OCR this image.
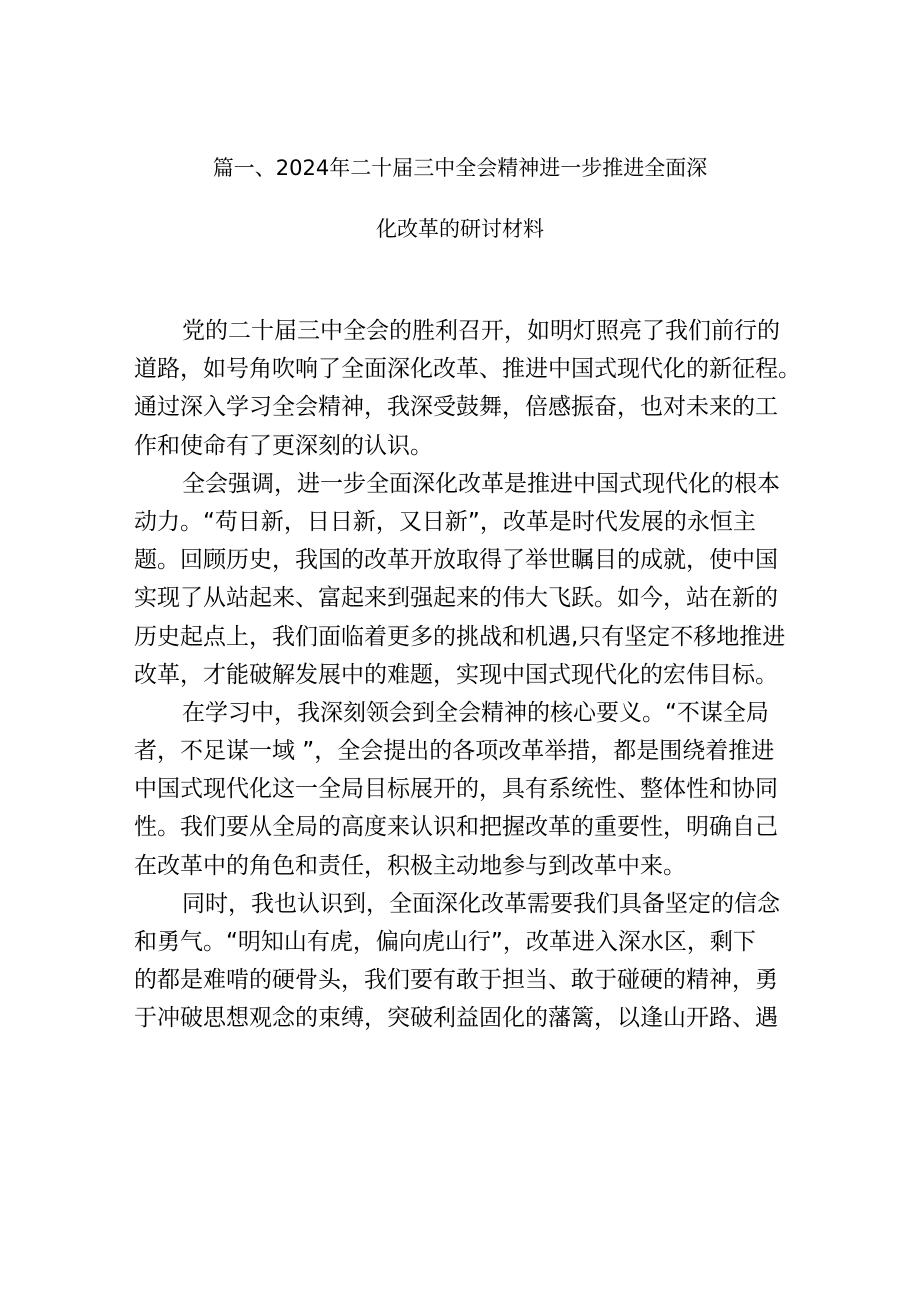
篇一、2024年二十届三中全会精神进一步推进全面深
化改革的研讨材料
党的二十届三中全会的胜利召开，如明灯照亮了我们前行的
道路，如号角吹响了全面深化改革、推进中国式现代化的新征程。
通过深入学习全会精神，我深受鼓舞，倍感振奋，也对未来的工
作和使命有了更深刻的认识。
全会强调，进一步全面深化改革是推进中国式现代化的根本
动力。“苟日新，日日新，又日新”，改革是时代发展的永恒主
题。回顾历史，我国的改革开放取得了举世瞩目的成就，使中国
实现了从站起来、富起来到强起来的伟大飞跃。如今，站在新的
历史起点上，我们面临着更多的挑战和机遇,只有坚定不移地推进
改革，才能破解发展中的难题，实现中国式现代化的宏伟目标。
在学习中，我深刻领会到全会精神的核心要义。“不谋全局
者，不足谋一域 ”，全会提出的各项改革举措，都是围绕着推进
中国式现代化这一全局目标展开的，具有系统性、整体性和协同
性。我们要从全局的高度来认识和把握改革的重要性，明确自己
在改革中的角色和责任，积极主动地参与到改革中来。
同时，我也认识到，全面深化改革需要我们具备坚定的信念
和勇气。“明知山有虎，偏向虎山行”，改革进入深水区，剩下
的都是难啃的硬骨头，我们要有敢于担当、敢于碰硬的精神，勇
于冲破思想观念的束缚，突破利益固化的藩篱，以逢山开路、遇
